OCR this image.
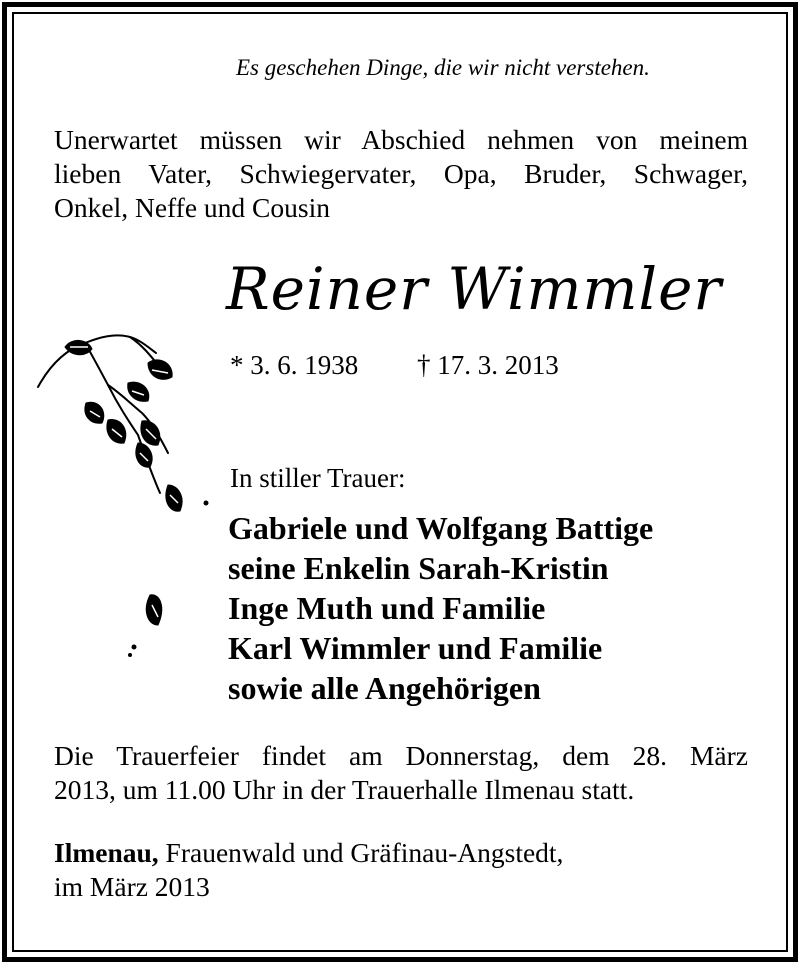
Es geschehen Dinge, die wir nicht verstehen.
Unerwartet müssen wir Abschied nehmen von meinem
lieben Vater, Schwiegervater, Opa, Bruder, Schwager,
Onkel, Neffe und Cousin
Reiner Wimmler
* 3. 6. 1938 † 17. 3. 2013
In stiller Trauer:
Gabriele und Wolfgang Battige
seine Enkelin Sarah-Kristin
Inge Muth und Familie
Karl Wimmler und Familie
sowie alle Angehörigen
Die Trauerfeier findet am Donnerstag, dem 28. März
2013, um 11.00 Uhr in der Trauerhalle Ilmenau statt.
Ilmenau, Frauenwald und Gräfinau-Angstedt,
im März 2013
